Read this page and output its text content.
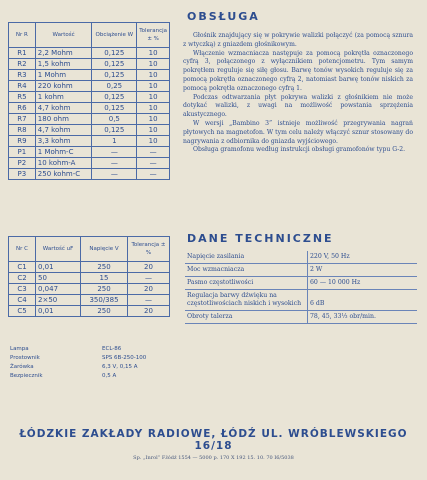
Nr R	Wartość	Obciążenie W	Tolerancja ± %
R1	2,2 Mohm	0,125	10
R2	1,5 kohm	0,125	10
R3	1 Mohm	0,125	10
R4	220 kohm	0,25	10
R5	1 kohm	0,125	10
R6	4,7 kohm	0,125	10
R7	180 ohm	0,5	10
R8	4,7 kohm	0,125	10
R9	3,3 kohm	1	10
P1	1 Mohm-C	—	—
P2	10 kohm-A	—	—
P3	250 kohm-C	—	—
Nr C	Wartość uF	Napięcie V	Tolerancja ± %
C1	0,01	250	20
C2	50	15	—
C3	0,047	250	20
C4	2×50	350/385	—
C5	0,01	250	20
Lampa	ECL-86
Prostownik	SPS 6B-250-100
Żarówka	6,3 V, 0,15 A
Bezpiecznik	0,5 A
OBSŁUGA

Głośnik znajdujący się w pokrywie walizki połączyć (za pomocą sznura z wtyczką) z gniazdem głośnikowym.

Włączenie wzmacniacza następuje za pomocą pokrętła oznaczonego cyfrą 3, połączonego z wyłącznikiem potencjometru. Tym samym pokrętłem reguluje się siłę głosu. Barwę tonów wysokich reguluje się za pomocą pokrętła oznaczonego cyfrą 2, natomiast barwę tonów niskich za pomocą pokrętła oznaczonego cyfrą 1.

Podczas odtwarzania płyt pokrywa walizki z głośnikiem nie może dotykać walizki, z uwagi na możliwość powstania sprzężenia akustycznego.

W wersji „Bambino 3” istnieje możliwość przegrywania nagrań płytowych na magnetofon. W tym celu należy włączyć sznur stosowany do nagrywania z odbiornika do gniazda wyjściowego.

Obsługa gramofonu według instrukcji obsługi gramofonów typu G-2.

DANE TECHNICZNE
Napięcie zasilania	220 V, 50 Hz
Moc wzmacniacza	2 W
Pasmo częstotliwości	60 — 10 000 Hz
Regulacja barwy dźwięku na częstotliwościach niskich i wysokich	6 dB
Obroty talerza	78, 45, 33⅓ obr/min.
ŁÓDZKIE ZAKŁADY RADIOWE, ŁÓDŹ UL. WRÓBLEWSKIEGO 16/18
Sp. „Inrol” F.łódź 1554 — 5000 p. 170 X 192 15. 10. 70 I6/5038
